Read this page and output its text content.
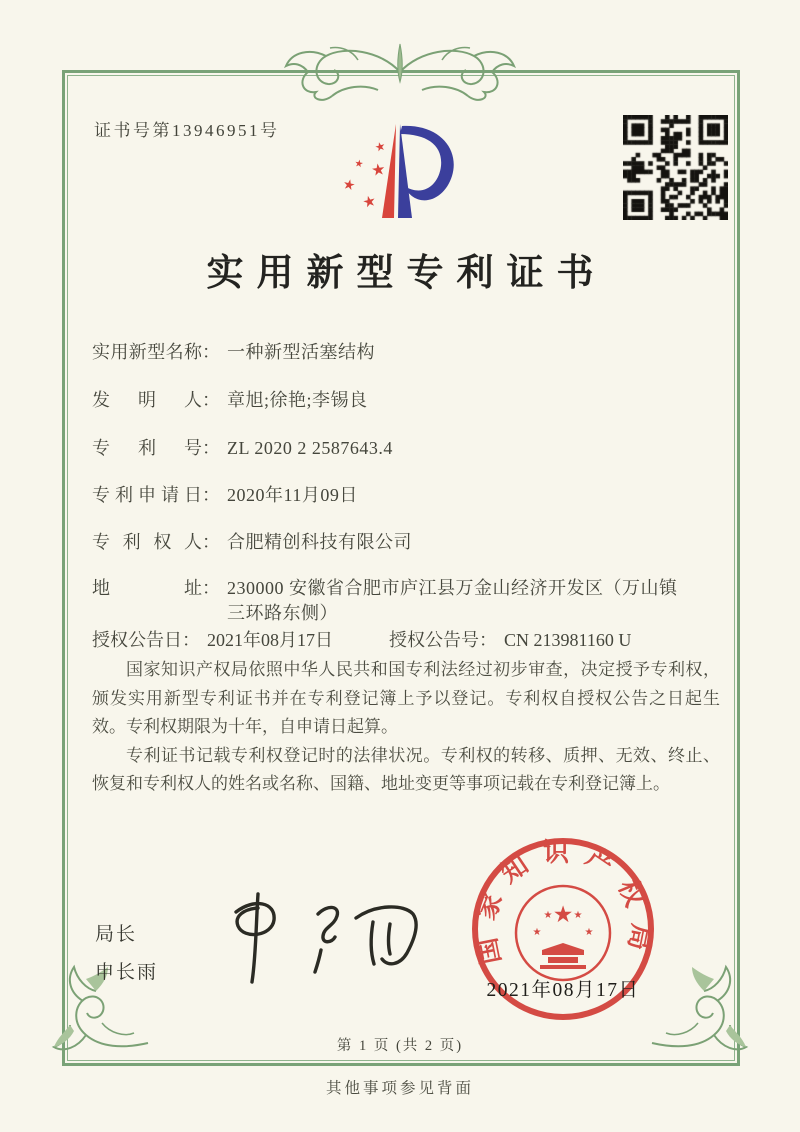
证书号第13946951号
★
★ ★
★
★
实用新型专利证书
实用新型名称： 一种新型活塞结构
发明人： 章旭;徐艳;李锡良
专利号： ZL 2020 2 2587643.4
专利申请日： 2020年11月09日
专利权人： 合肥精创科技有限公司
地址： 230000 安徽省合肥市庐江县万金山经济开发区（万山镇三环路东侧）
授权公告日： 2021年08月17日	授权公告号： CN 213981160 U

国家知识产权局依照中华人民共和国专利法经过初步审查，决定授予专利权，颁发实用新型专利证书并在专利登记簿上予以登记。专利权自授权公告之日起生效。专利权期限为十年，自申请日起算。

专利证书记载专利权登记时的法律状况。专利权的转移、质押、无效、终止、恢复和专利权人的姓名或名称、国籍、地址变更等事项记载在专利登记簿上。

局长
申长雨
国家知识产权局
★
★
★ ★
★
2021年08月17日
第 1 页 (共 2 页)
其他事项参见背面
